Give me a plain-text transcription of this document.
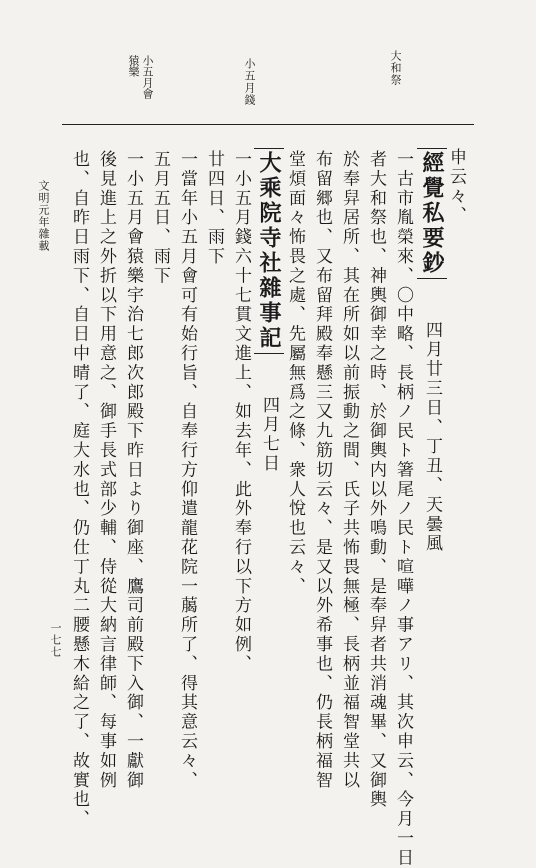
大和祭
小五月錢
小五月會
猿樂
申云々、
經覺私要鈔 　四月廿三日、丁丑、天曇風
一古市胤榮來、〇中略、長柄ノ民ト箸尾ノ民ト喧嘩ノ事アリ、其次申云、今月一日
者大和祭也、神輿御幸之時、於御輿内以外鳴動、是奉舁者共消魂畢、又御輿
於奉舁居所、其在所如以前振動之間、氏子共怖畏無極、長柄並福智堂共以
布留郷也、又布留拜殿奉懸三又九筋切云々、是又以外希事也、仍長柄福智
堂煩面々怖畏之處、先屬無爲之條、衆人悅也云々、
大乘院寺社雜事記 　四月七日
一小五月錢六十七貫文進上、如去年、此外奉行以下方如例、
廿四日、雨下
一當年小五月會可有始行旨、自奉行方仰遣龍花院一﨟所了、得其意云々、
五月五日、雨下
一小五月會猿樂宇治七郎次郎殿下昨日より御座、鷹司前殿下入御、一獻御
後見進上之外折以下用意之、御手長式部少輔、侍從大納言律師、每事如例
也、自昨日雨下、自日中晴了、庭大水也、仍仕丁丸二腰懸木給之了、故實也、
文明元年雜載
一七七
